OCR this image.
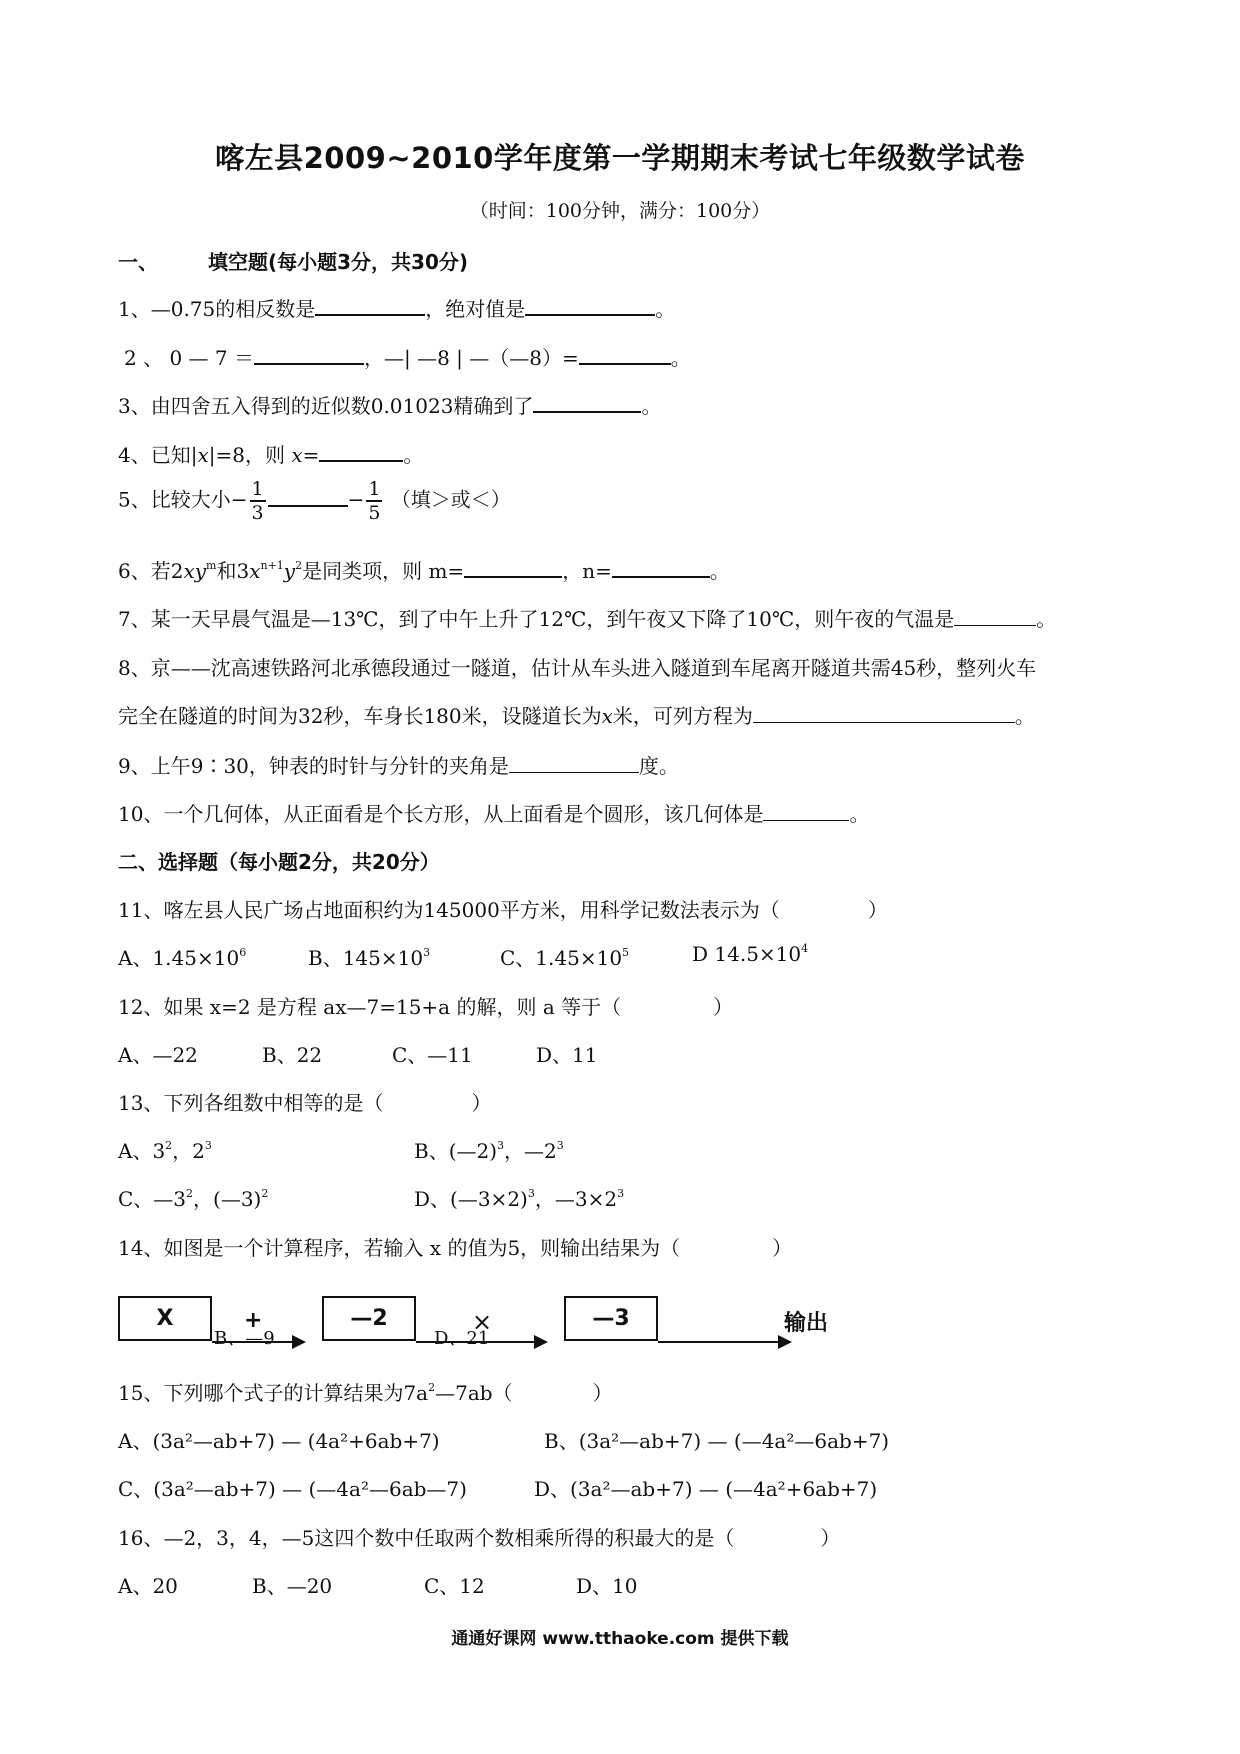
喀左县2009~2010学年度第一学期期末考试七年级数学试卷
（时间：100分钟，满分：100分）
一、	填空题(每小题3分，共30分)
1、—0.75的相反数是	，绝对值是	。
2 、 0 — 7 ＝	，—| —8 | —（—8）=	。
3、由四舍五入得到的近似数0.01023精确到了	。
4、已知|x|=8，则 x=	。
5、比较大小− $\frac{1}{3}$	− $\frac{1}{5}$ （填＞或＜）
6、若$2xy^m$和$3x^{n+1}y^2$是同类项，则 m=	，n=	。
7、某一天早晨气温是—13℃，到了中午上升了12℃，到午夜又下降了10℃，则午夜的气温是	。
8、京——沈高速铁路河北承德段通过一隧道，估计从车头进入隧道到车尾离开隧道共需45秒，整列火车
完全在隧道的时间为32秒，车身长180米，设隧道长为x米，可列方程为	。
9、上午9∶30，钟表的时针与分针的夹角是	度。
10、一个几何体，从正面看是个长方形，从上面看是个圆形，该几何体是	。
二、选择题（每小题2分，共20分）
11、喀左县人民广场占地面积约为145000平方米，用科学记数法表示为（	）
A、$1.45\times 10^6$	B、$145\times 10^3$	C、$1.45\times 10^5$	D $14.5\times 10^4$
12、如果 x=2 是方程 ax—7=15+a 的解，则 a 等于（	）
A、—22	B、22	C、—11	D、11
13、下列各组数中相等的是（	）
A、$3^2$，$2^3$	B、(—2)$^3$，$—2^3$
C、$—3^2$，(—3)$^2$	D、(—3×2)$^3$，$—3\times 2^3$
14、如图是一个计算程序，若输入 x 的值为5，则输出结果为（	）
X	+
B、—9
—2	×
D、21
—3	输出
15、下列哪个式子的计算结果为$7a^2—7ab$（	）
A、(3a²—ab+7) — (4a²+6ab+7)	B、(3a²—ab+7) — (—4a²—6ab+7)
C、(3a²—ab+7) — (—4a²—6ab—7)	D、(3a²—ab+7) — (—4a²+6ab+7)
16、—2，3，4，—5这四个数中任取两个数相乘所得的积最大的是（	）
A、20	B、—20	C、12	D、10
通通好课网 www.tthaoke.com 提供下载
